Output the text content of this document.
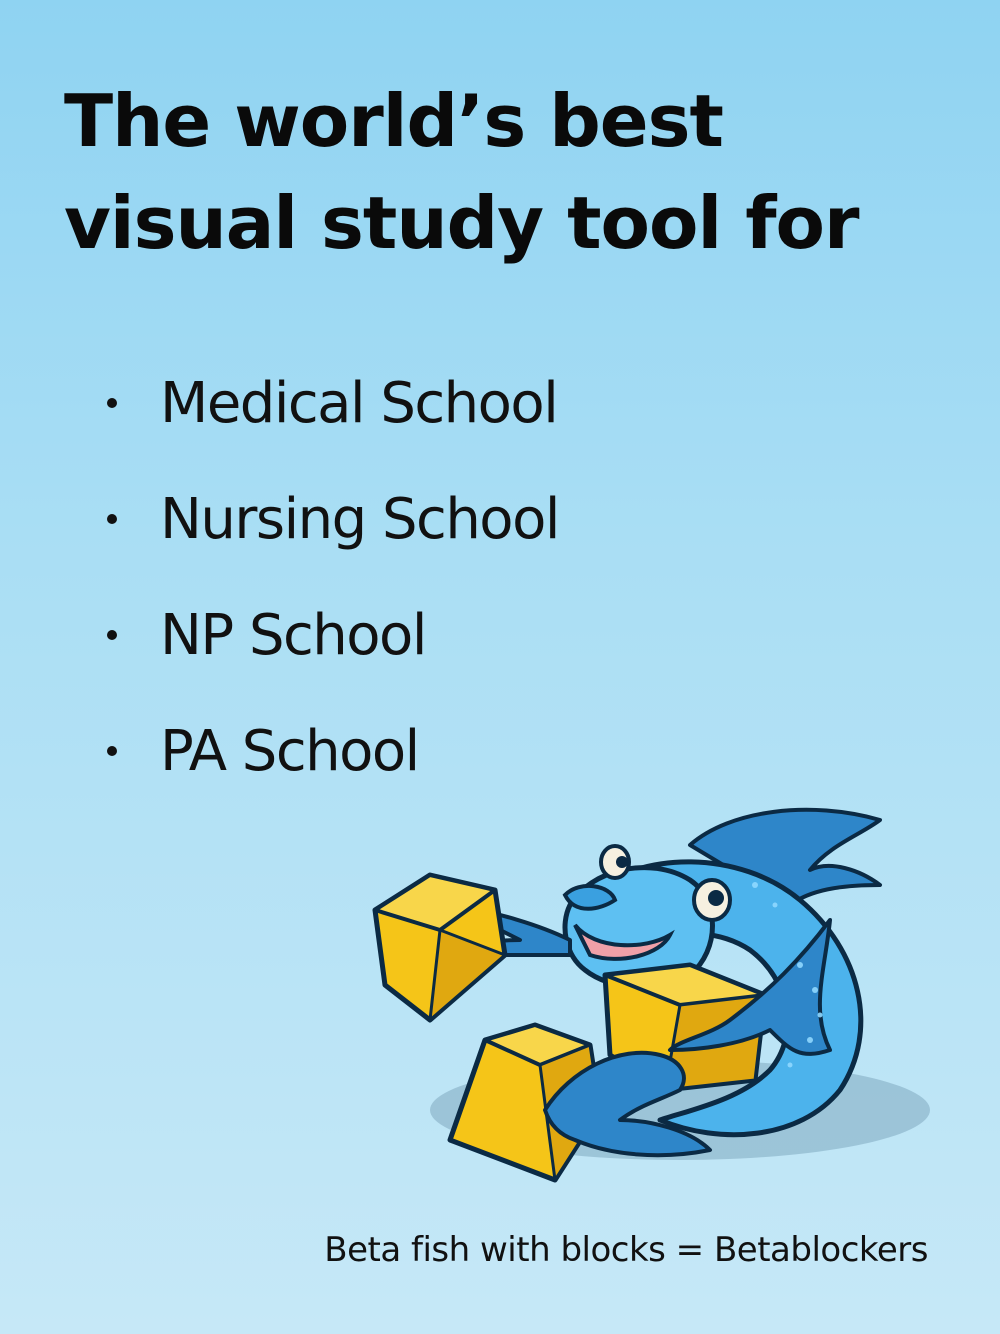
The world’s best visual study tool for
Medical School
Nursing School
NP School
PA School
Beta fish with blocks = Betablockers
